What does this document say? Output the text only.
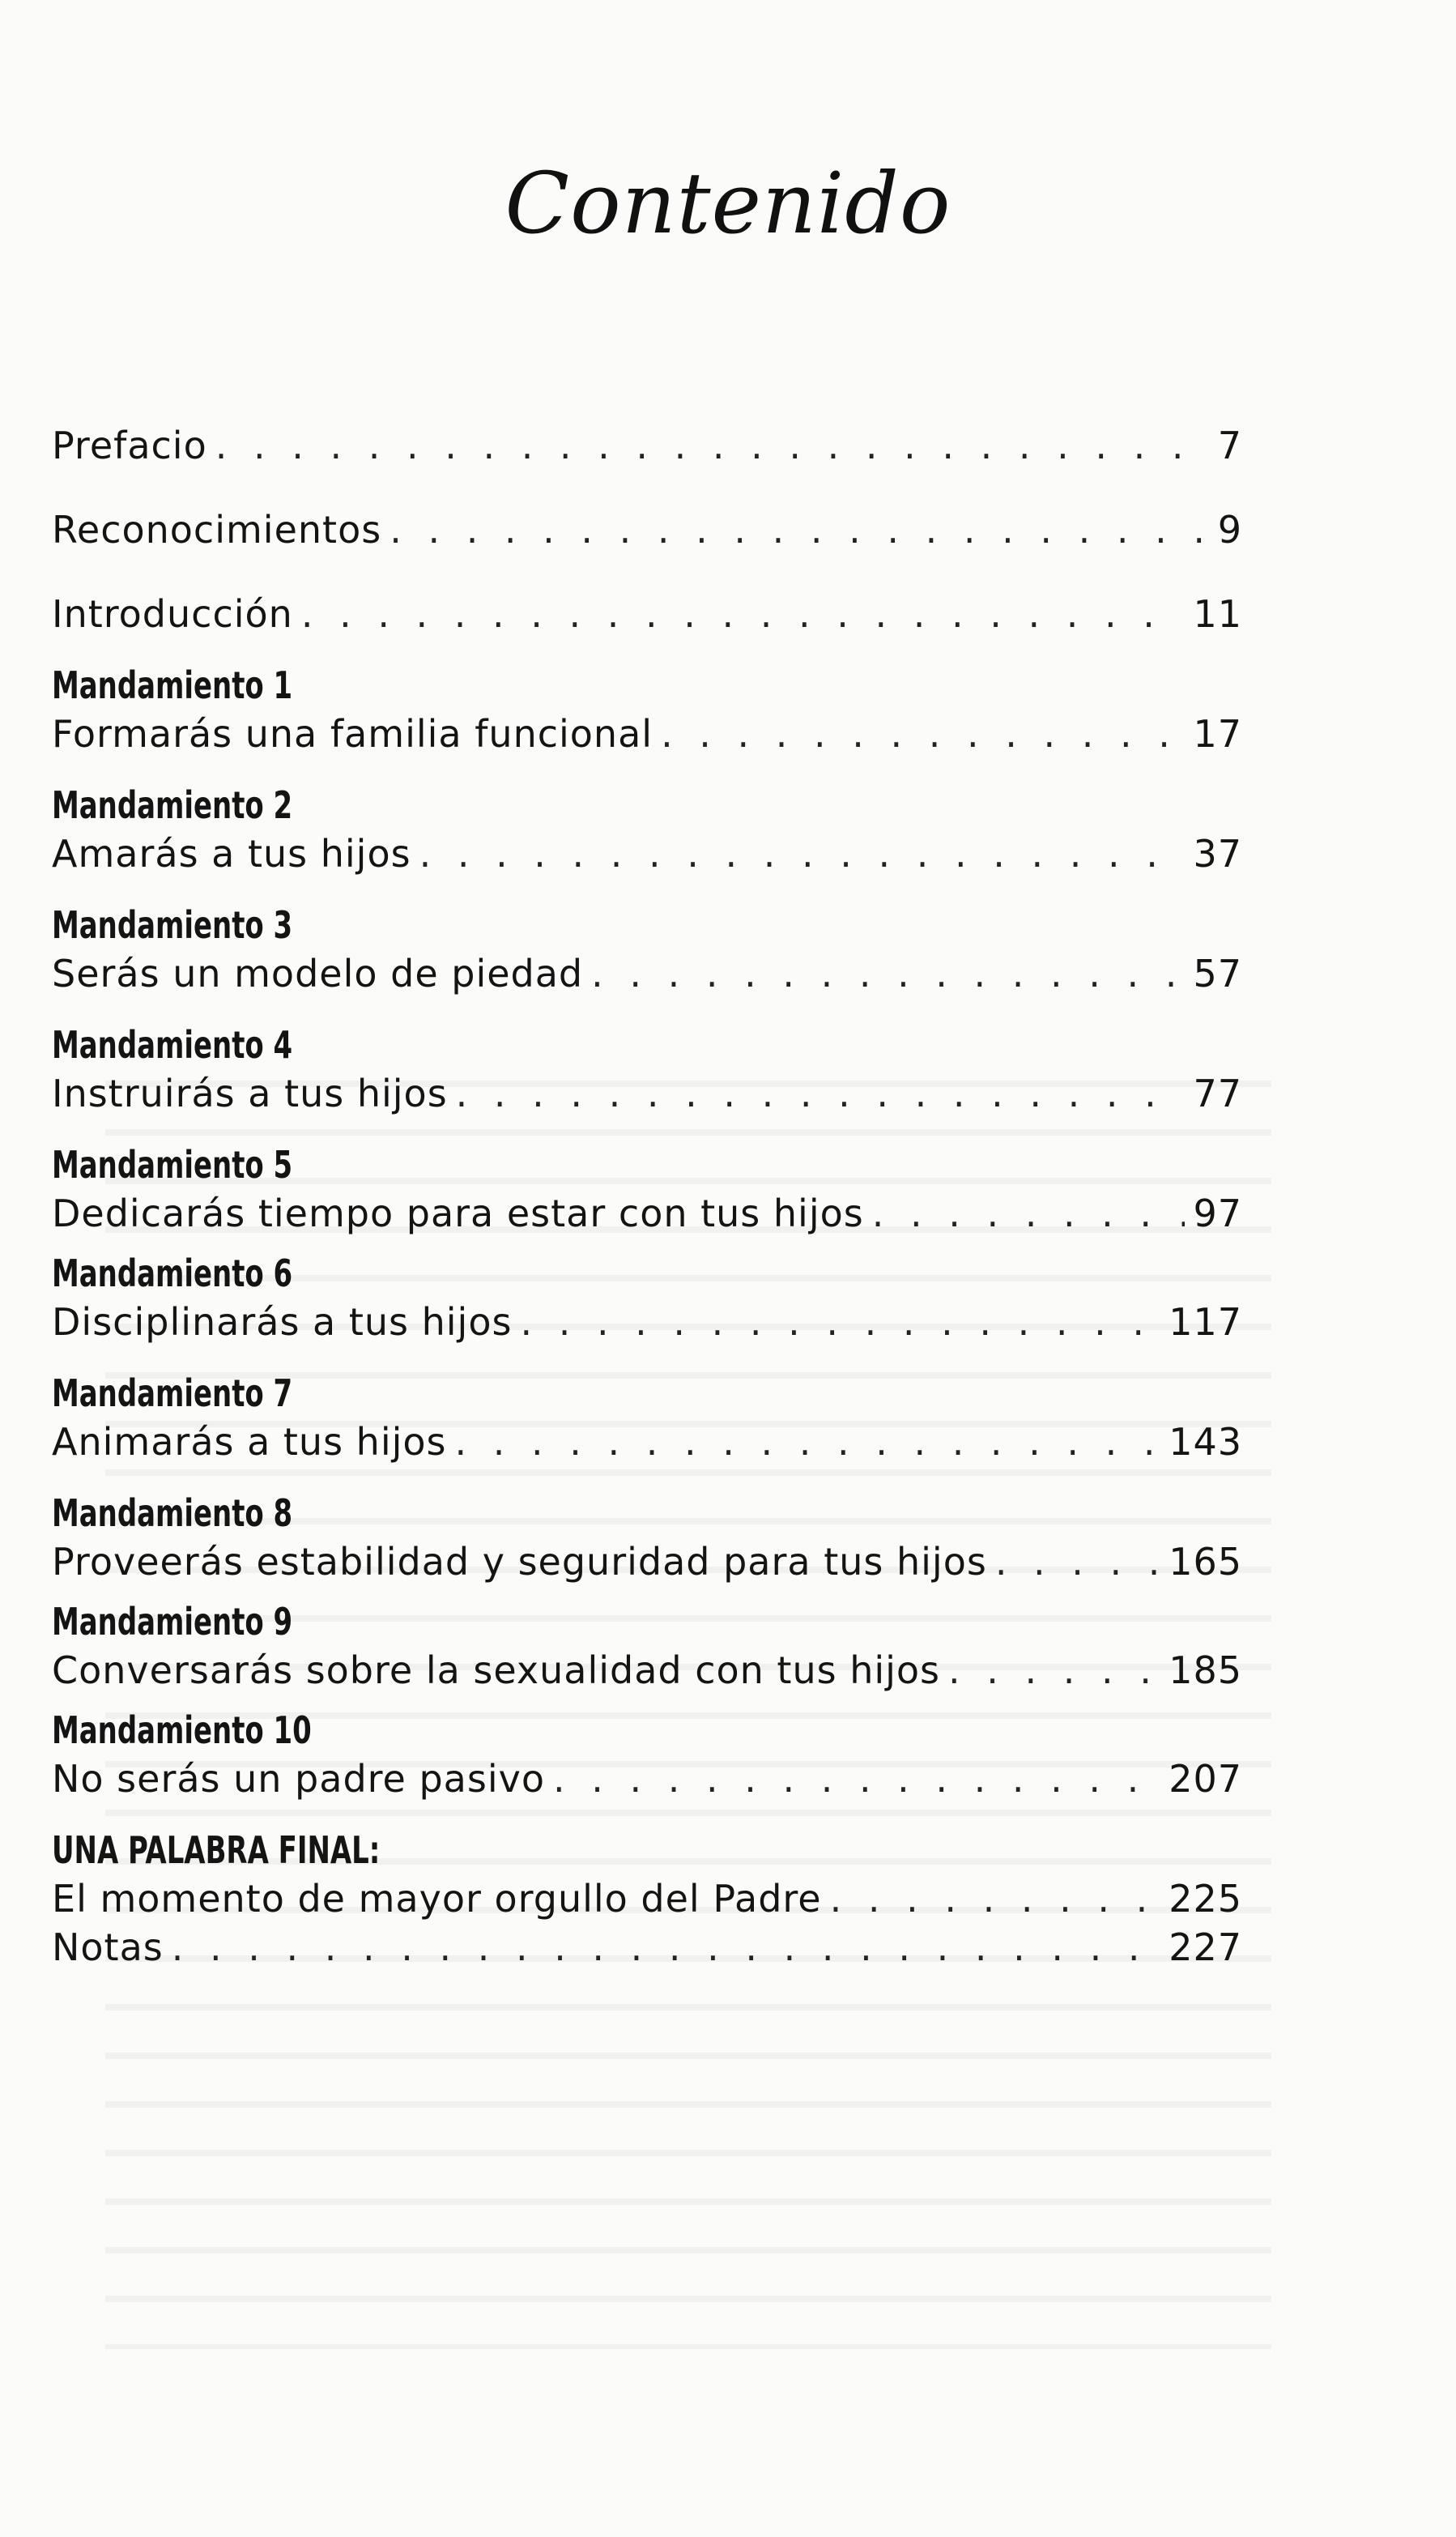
Contenido
Prefacio . . .	7
Reconocimientos . . .	9
Introducción . . .	11
Mandamiento 1
Formarás una familia funcional . . .	17
Mandamiento 2
Amarás a tus hijos . . .	37
Mandamiento 3
Serás un modelo de piedad . . .	57
Mandamiento 4
Instruirás a tus hijos . . .	77
Mandamiento 5
Dedicarás tiempo para estar con tus hijos . . .	97
Mandamiento 6
Disciplinarás a tus hijos . . .	117
Mandamiento 7
Animarás a tus hijos . . .	143
Mandamiento 8
Proveerás estabilidad y seguridad para tus hijos . . .	165
Mandamiento 9
Conversarás sobre la sexualidad con tus hijos . . .	185
Mandamiento 10
No serás un padre pasivo . . .	207
UNA PALABRA FINAL:
El momento de mayor orgullo del Padre . . .	225
Notas . . .	227
